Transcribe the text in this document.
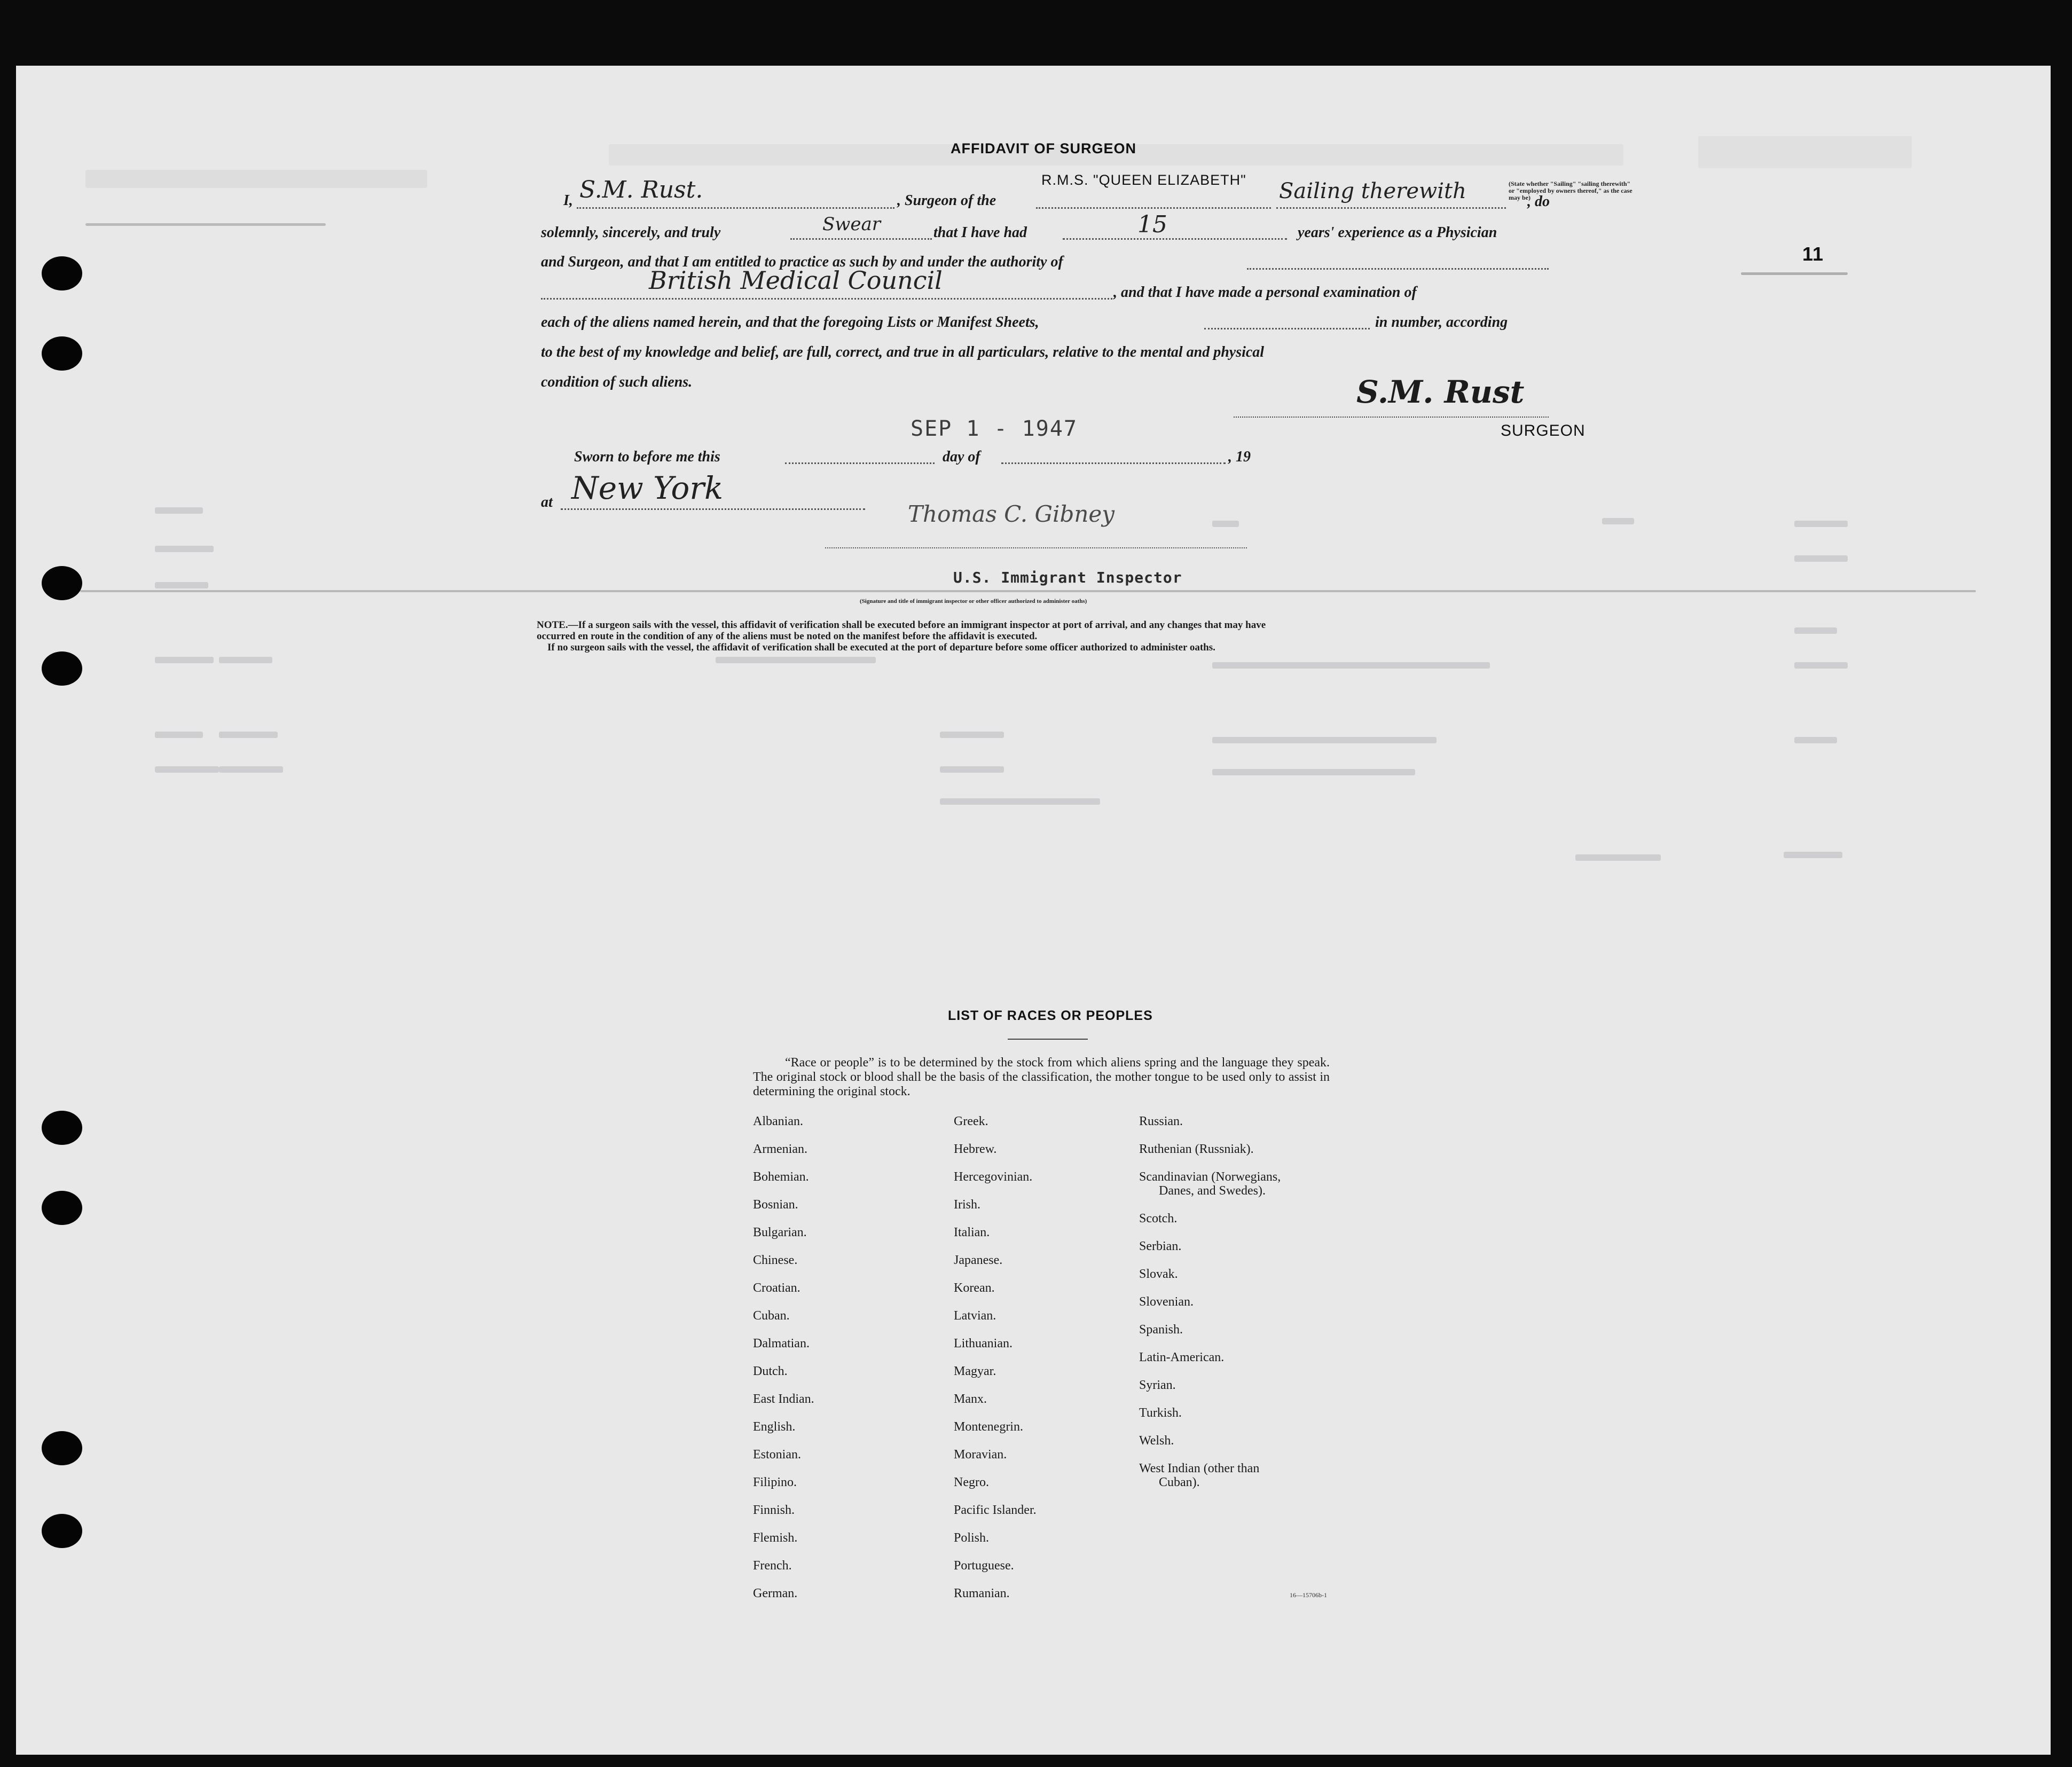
11
AFFIDAVIT OF SURGEON
R.M.S. "QUEEN ELIZABETH"
I, S.M. Rust.	, Surgeon of the	Sailing therewith	(State whether "Sailing" "sailing therewith" or "employed by owners thereof," as the case may be)
, do
solemnly, sincerely, and truly	Swear	that I have had	15	years' experience as a Physician
and Surgeon, and that I am entitled to practice as such by and under the authority of
British Medical Council	, and that I have made a personal examination of
each of the aliens named herein, and that the foregoing Lists or Manifest Sheets,	in number, according
to the best of my knowledge and belief, are full, correct, and true in all particulars, relative to the mental and physical
condition of such aliens.	S.M. Rust
SURGEON
SEP 1 - 1947
Sworn to before me this	day of	, 19
at New York
Thomas C. Gibney
U.S. Immigrant Inspector
(Signature and title of immigrant inspector or other officer authorized to administer oaths)
NOTE.—If a surgeon sails with the vessel, this affidavit of verification shall be executed before an immigrant inspector at port of arrival, and any changes that may have
occurred en route in the condition of any of the aliens must be noted on the manifest before the affidavit is executed.
If no surgeon sails with the vessel, the affidavit of verification shall be executed at the port of departure before some officer authorized to administer oaths.
LIST OF RACES OR PEOPLES
“Race or people” is to be determined by the stock from which aliens spring and the language they speak. The original stock or blood shall be the basis of the classification, the mother tongue to be used only to assist in determining the original stock.
Albanian.
Armenian.
Bohemian.
Bosnian.
Bulgarian.
Chinese.
Croatian.
Cuban.
Dalmatian.
Dutch.
East Indian.
English.
Estonian.
Filipino.
Finnish.
Flemish.
French.
German.
Greek.
Hebrew.
Hercegovinian.
Irish.
Italian.
Japanese.
Korean.
Latvian.
Lithuanian.
Magyar.
Manx.
Montenegrin.
Moravian.
Negro.
Pacific Islander.
Polish.
Portuguese.
Rumanian.
Russian.
Ruthenian (Russniak).
Scandinavian (Norwegians,
Danes, and Swedes).
Scotch.
Serbian.
Slovak.
Slovenian.
Spanish.
Latin-American.
Syrian.
Turkish.
Welsh.
West Indian (other than
Cuban).
16—15706b-1
